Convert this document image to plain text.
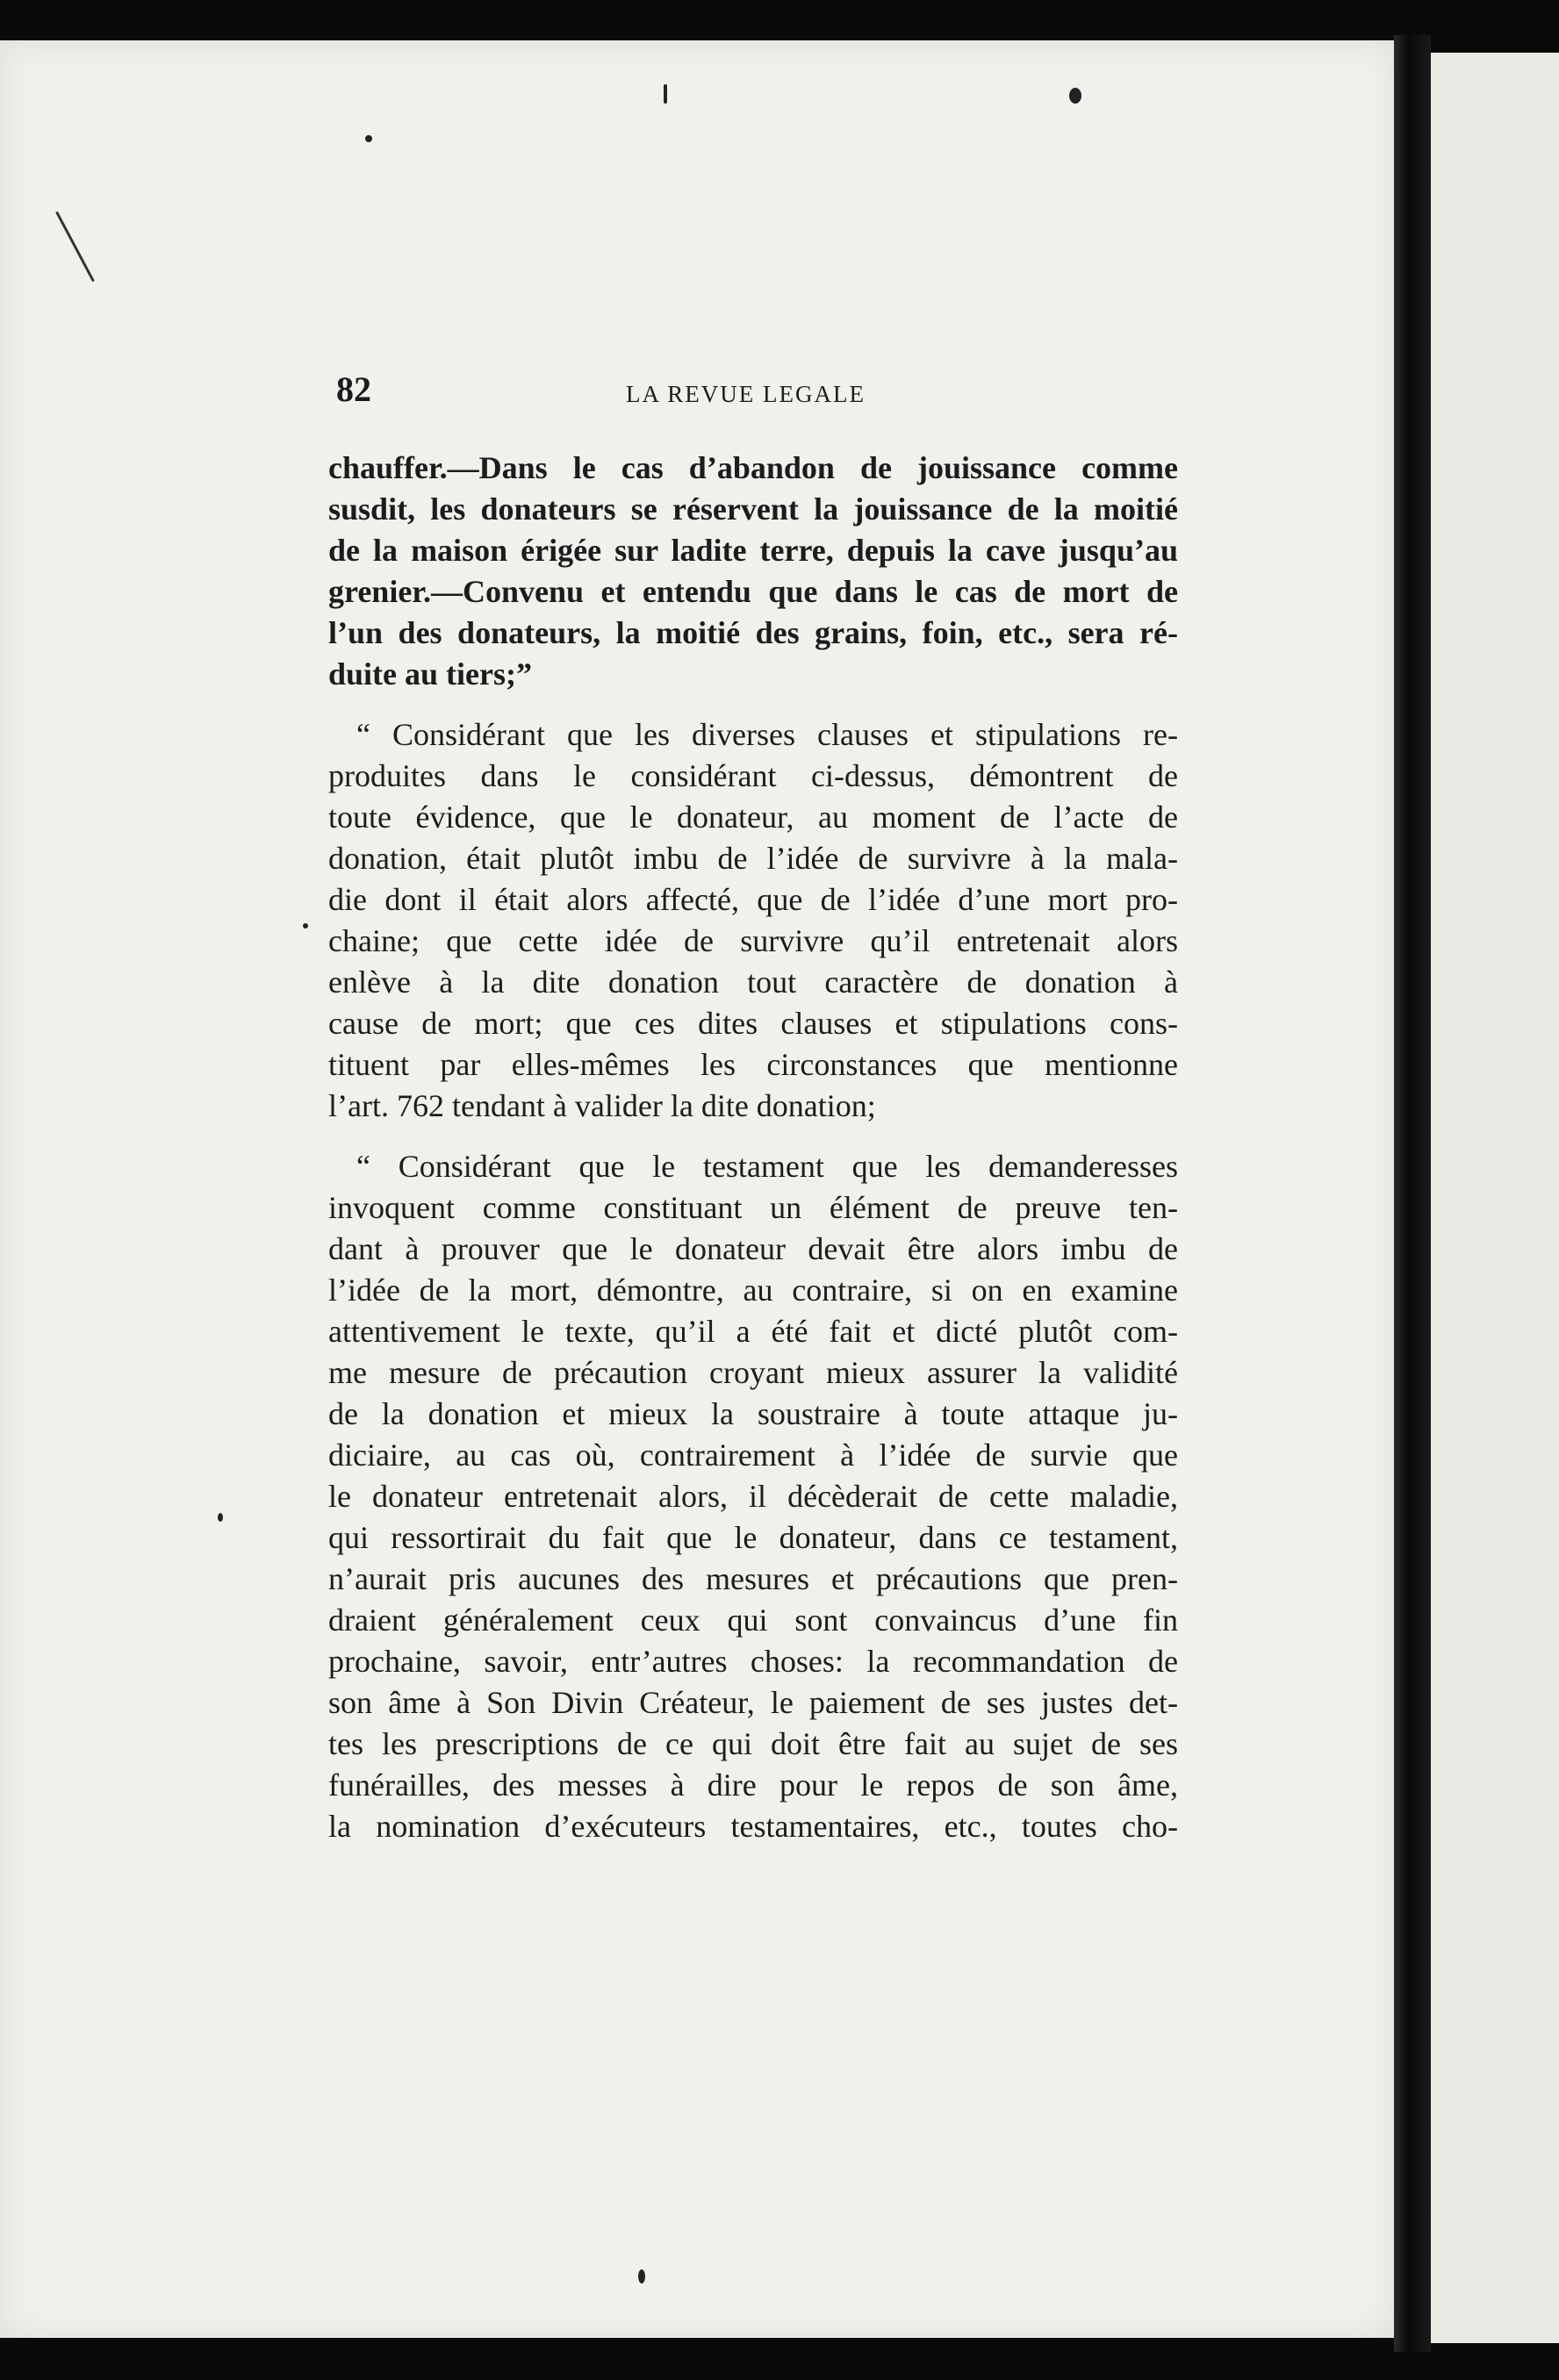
82	LA REVUE LEGALE
chauffer.—Dans le cas d’abandon de jouissance comme
susdit, les donateurs se réservent la jouissance de la moitié
de la maison érigée sur ladite terre, depuis la cave jusqu’au
grenier.—Convenu et entendu que dans le cas de mort de
l’un des donateurs, la moitié des grains, foin, etc., sera ré-
duite au tiers;”
“ Considérant que les diverses clauses et stipulations re-
produites dans le considérant ci-dessus, démontrent de
toute évidence, que le donateur, au moment de l’acte de
donation, était plutôt imbu de l’idée de survivre à la mala-
die dont il était alors affecté, que de l’idée d’une mort pro-
chaine; que cette idée de survivre qu’il entretenait alors
enlève à la dite donation tout caractère de donation à
cause de mort; que ces dites clauses et stipulations cons-
tituent par elles-mêmes les circonstances que mentionne
l’art. 762 tendant à valider la dite donation;
“ Considérant que le testament que les demanderesses
invoquent comme constituant un élément de preuve ten-
dant à prouver que le donateur devait être alors imbu de
l’idée de la mort, démontre, au contraire, si on en examine
attentivement le texte, qu’il a été fait et dicté plutôt com-
me mesure de précaution croyant mieux assurer la validité
de la donation et mieux la soustraire à toute attaque ju-
diciaire, au cas où, contrairement à l’idée de survie que
le donateur entretenait alors, il décèderait de cette maladie,
qui ressortirait du fait que le donateur, dans ce testament,
n’aurait pris aucunes des mesures et précautions que pren-
draient généralement ceux qui sont convaincus d’une fin
prochaine, savoir, entr’autres choses: la recommandation de
son âme à Son Divin Créateur, le paiement de ses justes det-
tes les prescriptions de ce qui doit être fait au sujet de ses
funérailles, des messes à dire pour le repos de son âme,
la nomination d’exécuteurs testamentaires, etc., toutes cho-
